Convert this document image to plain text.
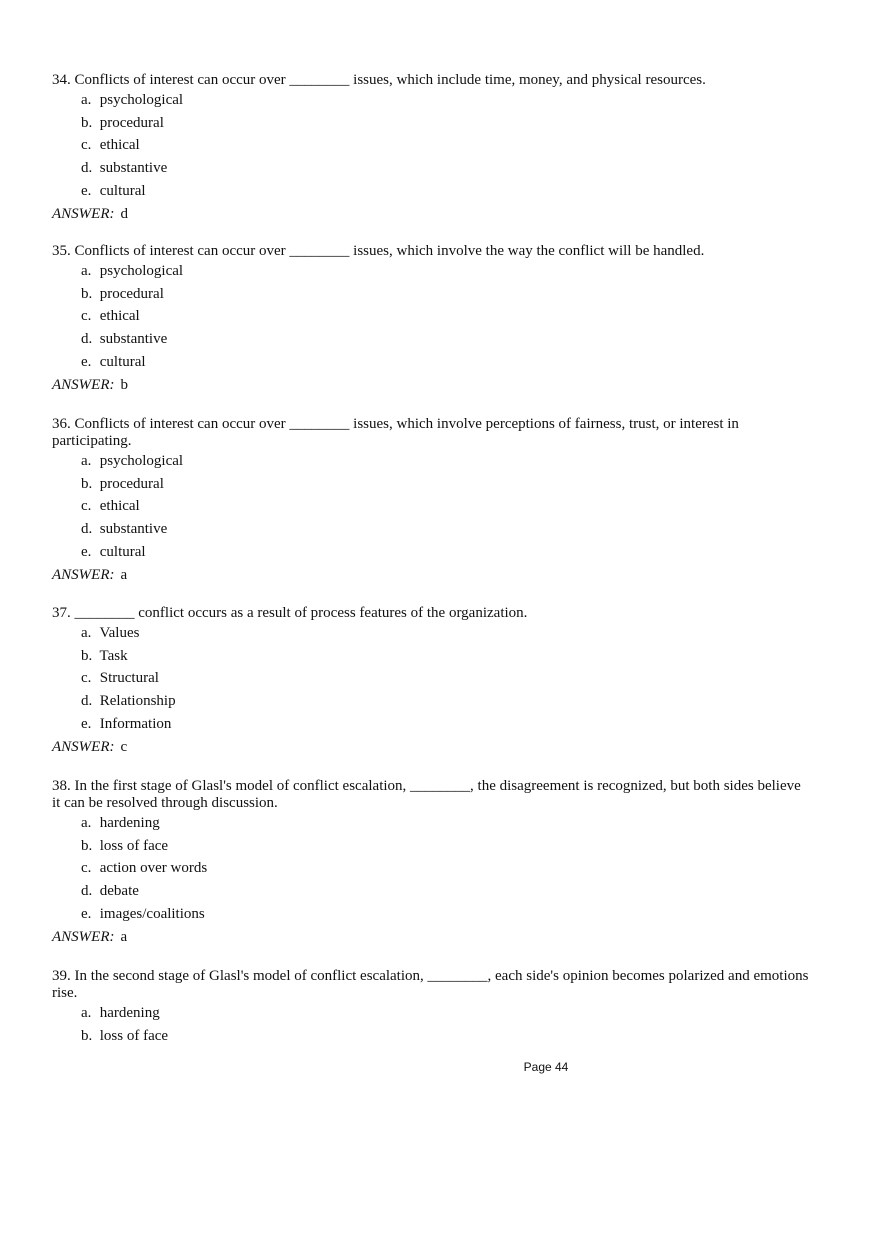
34. Conflicts of interest can occur over ________ issues, which include time, money, and physical resources.

a. psychological
b. procedural
c. ethical
d. substantive
e. cultural
ANSWER: d

35. Conflicts of interest can occur over ________ issues, which involve the way the conflict will be handled.

a. psychological
b. procedural
c. ethical
d. substantive
e. cultural
ANSWER: b

36. Conflicts of interest can occur over ________ issues, which involve perceptions of fairness, trust, or interest in participating.

a. psychological
b. procedural
c. ethical
d. substantive
e. cultural
ANSWER: a

37. ________ conflict occurs as a result of process features of the organization.

a. Values
b. Task
c. Structural
d. Relationship
e. Information
ANSWER: c

38. In the first stage of Glasl's model of conflict escalation, ________, the disagreement is recognized, but both sides believe it can be resolved through discussion.

a. hardening
b. loss of face
c. action over words
d. debate
e. images/coalitions
ANSWER: a

39. In the second stage of Glasl's model of conflict escalation, ________, each side's opinion becomes polarized and emotions rise.

a. hardening
b. loss of face
Page 44
